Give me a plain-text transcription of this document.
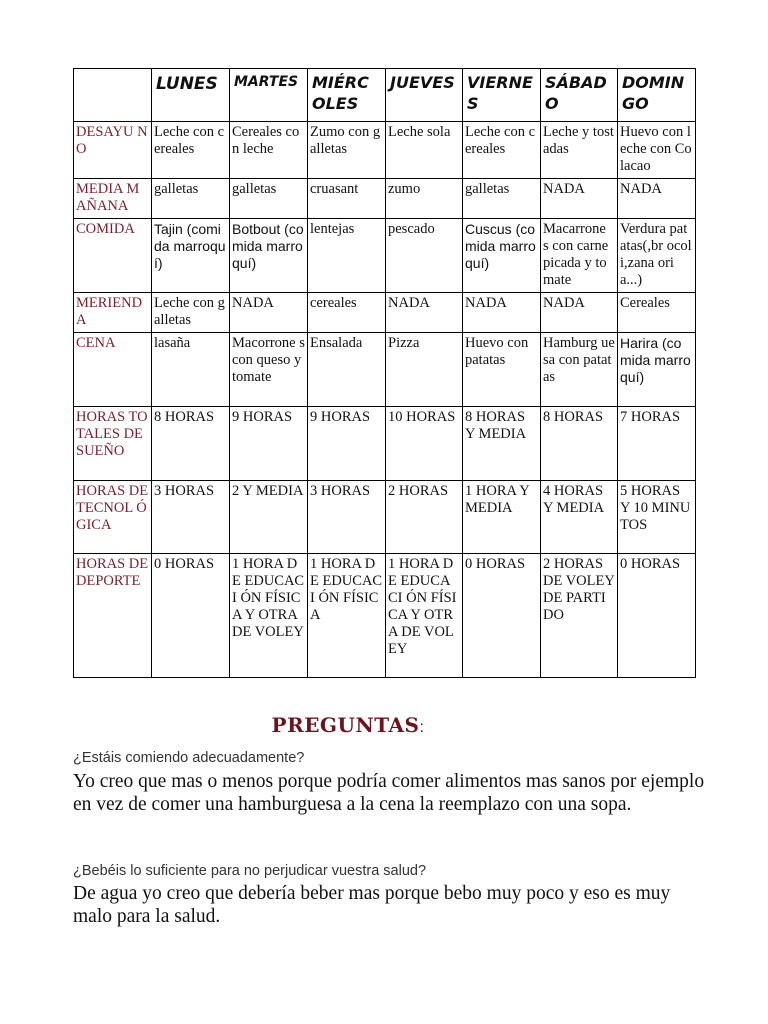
	LUNES	MARTES	MIÉRC OLES	JUEVES	VIERNE S	SÁBAD O	DOMIN GO
DESAYU NO	Leche con cereales	Cereales con leche	Zumo con galletas	Leche sola	Leche con cereales	Leche y tostadas	Huevo con leche con Colacao
MEDIA MAÑANA	galletas	galletas	cruasant	zumo	galletas	NADA	NADA
COMIDA	Tajin (comida marroquí)	Botbout (comida marroquí)	lentejas	pescado	Cuscus (comida marroquí)	Macarrone s con carne picada y tomate	Verdura patatas(,br ocoli,zana oria...)
MERIEND A	Leche con galletas	NADA	cereales	NADA	NADA	NADA	Cereales
CENA	lasaña	Macorrone s con queso y tomate	Ensalada	Pizza	Huevo con patatas	Hamburg uesa con patatas	Harira (comida marroquí)
HORAS TOTALES DE SUEÑO	8 HORAS	9 HORAS	9 HORAS	10 HORAS	8 HORAS Y MEDIA	8 HORAS	7 HORAS
HORAS DE TECNOL ÓGICA	3 HORAS	2 Y MEDIA	3 HORAS	2 HORAS	1 HORA Y MEDIA	4 HORAS Y MEDIA	5 HORAS Y 10 MINUTOS
HORAS DE DEPORTE	0 HORAS	1 HORA DE EDUCACI ÓN FÍSICA Y OTRA DE VOLEY	1 HORA DE EDUCACI ÓN FÍSICA	1 HORA DE EDUCACI ÓN FÍSICA Y OTRA DE VOLEY	0 HORAS	2 HORAS DE VOLEY DE PARTIDO	0 HORAS
PREGUNTAS:
¿Estáis comiendo adecuadamente?
Yo creo que mas o menos porque podría comer alimentos mas sanos por ejemplo en vez de comer una hamburguesa a la cena la reemplazo con una sopa.
¿Bebéis lo suficiente para no perjudicar vuestra salud?
De agua yo creo que debería beber mas porque bebo muy poco y eso es muy malo para la salud.
